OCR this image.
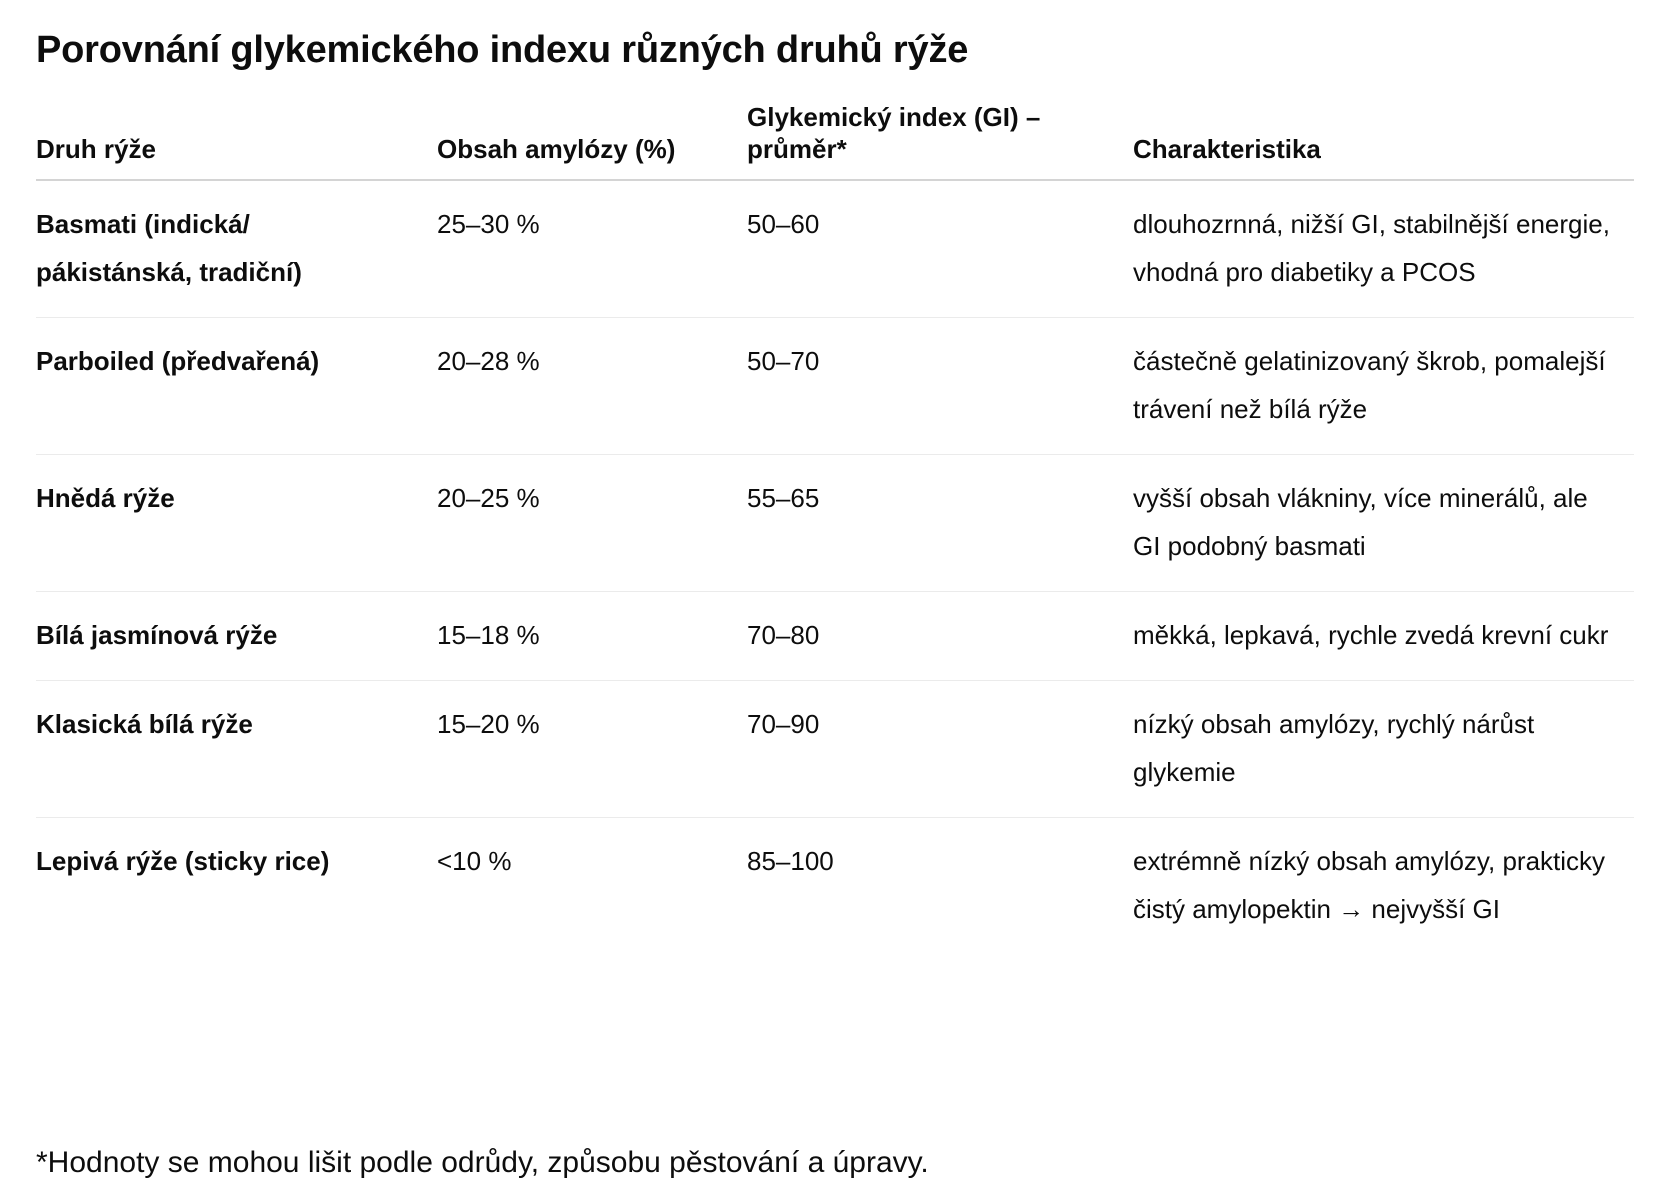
Porovnání glykemického indexu různých druhů rýže
Druh rýže	Obsah amylózy (%)	Glykemický index (GI) – průměr*	Charakteristika
Basmati (indická/ pákistánská, tradiční)	25–30 %	50–60	dlouhozrnná, nižší GI, stabilnější energie, vhodná pro diabetiky a PCOS
Parboiled (předvařená)	20–28 %	50–70	částečně gelatinizovaný škrob, pomalejší trávení než bílá rýže
Hnědá rýže	20–25 %	55–65	vyšší obsah vlákniny, více minerálů, ale GI podobný basmati
Bílá jasmínová rýže	15–18 %	70–80	měkká, lepkavá, rychle zvedá krevní cukr
Klasická bílá rýže	15–20 %	70–90	nízký obsah amylózy, rychlý nárůst glykemie
Lepivá rýže (sticky rice)	<10 %	85–100	extrémně nízký obsah amylózy, prakticky čistý amylopektin → nejvyšší GI

*Hodnoty se mohou lišit podle odrůdy, způsobu pěstování a úpravy.
